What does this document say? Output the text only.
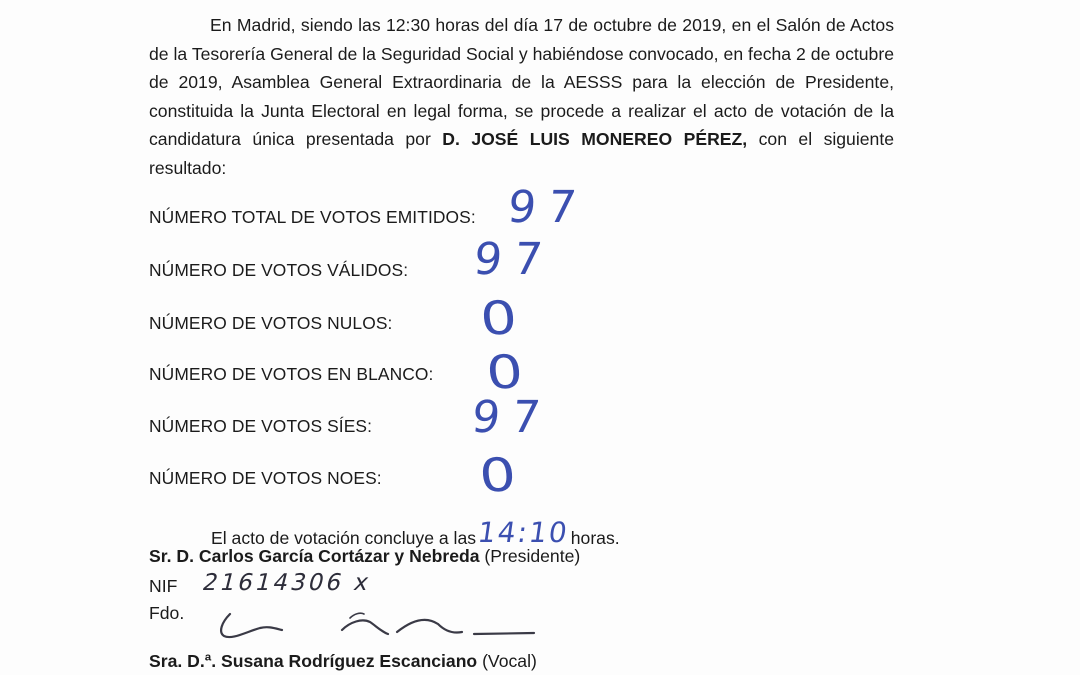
En Madrid, siendo las 12:30 horas del día 17 de octubre de 2019, en el Salón de Actos de la Tesorería General de la Seguridad Social y habiéndose convocado, en fecha 2 de octubre de 2019, Asamblea General Extraordinaria de la AESSS para la elección de Presidente, constituida la Junta Electoral en legal forma, se procede a realizar el acto de votación de la candidatura única presentada por D. JOSÉ LUIS MONEREO PÉREZ, con el siguiente resultado:

NÚMERO TOTAL DE VOTOS EMITIDOS: 97
NÚMERO DE VOTOS VÁLIDOS: 97
NÚMERO DE VOTOS NULOS: 0
NÚMERO DE VOTOS EN BLANCO: 0
NÚMERO DE VOTOS SÍES: 97
NÚMERO DE VOTOS NOES: 0
El acto de votación concluye a las14:10horas.
Sr. D. Carlos García Cortázar y Nebreda (Presidente)
NIF 21614306 x
Fdo.
Sra. D.ª. Susana Rodríguez Escanciano (Vocal)
